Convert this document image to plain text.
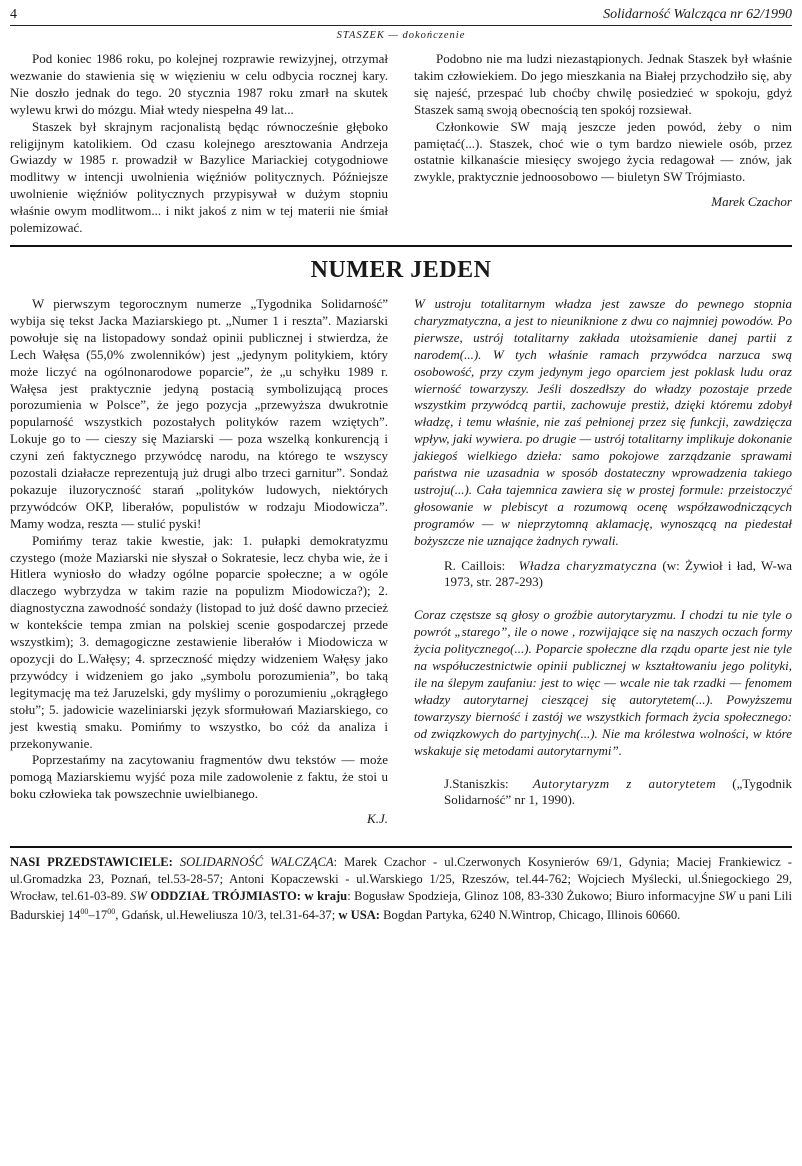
4	Solidarność Walcząca nr 62/1990
STASZEK — dokończenie

Pod koniec 1986 roku, po kolejnej rozprawie rewizyjnej, otrzymał wezwanie do stawienia się w więzieniu w celu odbycia rocznej kary. Nie doszło jednak do tego. 20 stycznia 1987 roku zmarł na skutek wylewu krwi do mózgu. Miał wtedy niespełna 49 lat...

Staszek był skrajnym racjonalistą będąc równocześnie głęboko religijnym katolikiem. Od czasu kolejnego aresztowania Andrzeja Gwiazdy w 1985 r. prowadził w Bazylice Mariackiej cotygodniowe modlitwy w intencji uwolnienia więźniów politycznych. Późniejsze uwolnienie więźniów politycznych przypisywał w dużym stopniu właśnie owym modlitwom... i nikt jakoś z nim w tej materii nie śmiał polemizować.

Podobno nie ma ludzi niezastąpionych. Jednak Staszek był właśnie takim człowiekiem. Do jego mieszkania na Białej przychodziło się, aby się najeść, przespać lub choćby chwilę posiedzieć w spokoju, gdyż Staszek samą swoją obecnością ten spokój rozsiewał.

Członkowie SW mają jeszcze jeden powód, żeby o nim pamiętać(...). Staszek, choć wie o tym bardzo niewiele osób, przez ostatnie kilkanaście miesięcy swojego życia redagował — znów, jak zwykle, praktycznie jednoosobowo — biuletyn SW Trójmiasto.

Marek Czachor
NUMER JEDEN

W pierwszym tegorocznym numerze „Tygodnika Solidarność” wybija się tekst Jacka Maziarskiego pt. „Numer 1 i reszta”. Maziarski powołuje się na listopadowy sondaż opinii publicznej i stwierdza, że Lech Wałęsa (55,0% zwolenników) jest „jedynym politykiem, który może liczyć na ogólnonarodowe poparcie”, że „u schyłku 1989 r. Wałęsa jest praktycznie jedyną postacią symbolizującą proces porozumienia w Polsce”, że jego pozycja „przewyższa dwukrotnie popularność wszystkich pozostałych polityków razem wziętych”. Lokuje go to — cieszy się Maziarski — poza wszelką konkurencją i czyni zeń faktycznego przywódcę narodu, na którego te wszyscy pozostali działacze reprezentują już drugi albo trzeci garnitur”. Sondaż pokazuje iluzoryczność starań „polityków ludowych, niektórych przywódców OKP, liberałów, populistów w rodzaju Miodowicza”. Mamy wodza, reszta — stulić pyski!

Pomińmy teraz takie kwestie, jak: 1. pułapki demokratyzmu czystego (może Maziarski nie słyszał o Sokratesie, lecz chyba wie, że i Hitlera wyniosło do władzy ogólne poparcie społeczne; a w ogóle dlaczego wybrzydza w takim razie na populizm Miodowicza?); 2. diagnostyczna zawodność sondaży (listopad to już dość dawno przecież w kontekście tempa zmian na polskiej scenie gospodarczej przede wszystkim); 3. demagogiczne zestawienie liberałów i Miodowicza w opozycji do L.Wałęsy; 4. sprzeczność między widzeniem Wałęsy jako przywódcy i widzeniem go jako „symbolu porozumienia”, bo taką legitymację ma też Jaruzelski, gdy myślimy o porozumieniu „okrągłego stołu”; 5. jadowicie wazeliniarski język sformułowań Maziarskiego, co jest kwestią smaku. Pomińmy to wszystko, bo cóż da analiza i przekonywanie.

Poprzestańmy na zacytowaniu fragmentów dwu tekstów — może pomogą Maziarskiemu wyjść poza mile zadowolenie z faktu, że stoi u boku człowieka tak powszechnie uwielbianego.

K.J.

W ustroju totalitarnym władza jest zawsze do pewnego stopnia charyzmatyczna, a jest to nieuniknione z dwu co najmniej powodów. Po pierwsze, ustrój totalitarny zakłada utożsamienie danej partii z narodem(...). W tych właśnie ramach przywódca narzuca swą osobowość, przy czym jedynym jego oparciem jest poklask ludu oraz wierność towarzyszy. Jeśli doszedłszy do władzy pozostaje przede wszystkim przywódcą partii, zachowuje prestiż, dzięki któremu zdobył władzę, i temu właśnie, nie zaś pełnionej przez się funkcji, zawdzięcza wpływ, jaki wywiera. po drugie — ustrój totalitarny implikuje dokonanie jakiegoś wielkiego dzieła: samo pokojowe zarządzanie sprawami państwa nie uzasadnia w sposób dostateczny wprowadzenia takiego ustroju(...). Cała tajemnica zawiera się w prostej formule: przeistoczyć głosowanie w plebiscyt a rozumową ocenę współzawodniczących programów — w nieprzytomną aklamację, wynoszącą na piedestał bożyszcze nie uznające żadnych rywali.

R. Caillois: Władza charyzmatyczna (w: Żywioł i ład, W-wa 1973, str. 287-293)

Coraz częstsze są głosy o groźbie autorytaryzmu. I chodzi tu nie tyle o powrót „starego”, ile o nowe , rozwijające się na naszych oczach formy życia politycznego(...). Poparcie społeczne dla rządu oparte jest nie tyle na współuczestnictwie opinii publicznej w kształtowaniu jego polityki, ile na ślepym zaufaniu: jest to więc — wcale nie tak rzadki — fenomem władzy autorytarnej cieszącej się autorytetem(...). Powyższemu towarzyszy bierność i zastój we wszystkich formach życia społecznego: od związkowych do partyjnych(...). Nie ma królestwa wolności, w które wskakuje się metodami autorytarnymi”.

J.Staniszkis: Autorytaryzm z autorytetem („Tygodnik Solidarność” nr 1, 1990).
NASI PRZEDSTAWICIELE: SOLIDARNOŚĆ WALCZĄCA: Marek Czachor - ul.Czerwonych Kosynierów 69/1, Gdynia; Maciej Frankiewicz - ul.Gromadzka 23, Poznań, tel.53-28-57; Antoni Kopaczewski - ul.Warskiego 1/25, Rzeszów, tel.44-762; Wojciech Myślecki, ul.Śniegockiego 29, Wrocław, tel.61-03-89. SW ODDZIAŁ TRÓJMIASTO: w kraju: Bogusław Spodzieja, Glinoz 108, 83-330 Żukowo; Biuro informacyjne SW u pani Lili Badurskiej $14^{00}-17^{00}$, Gdańsk, ul.Heweliusza 10/3, tel.31-64-37; w USA: Bogdan Partyka, 6240 N.Wintrop, Chicago, Illinois 60660.
